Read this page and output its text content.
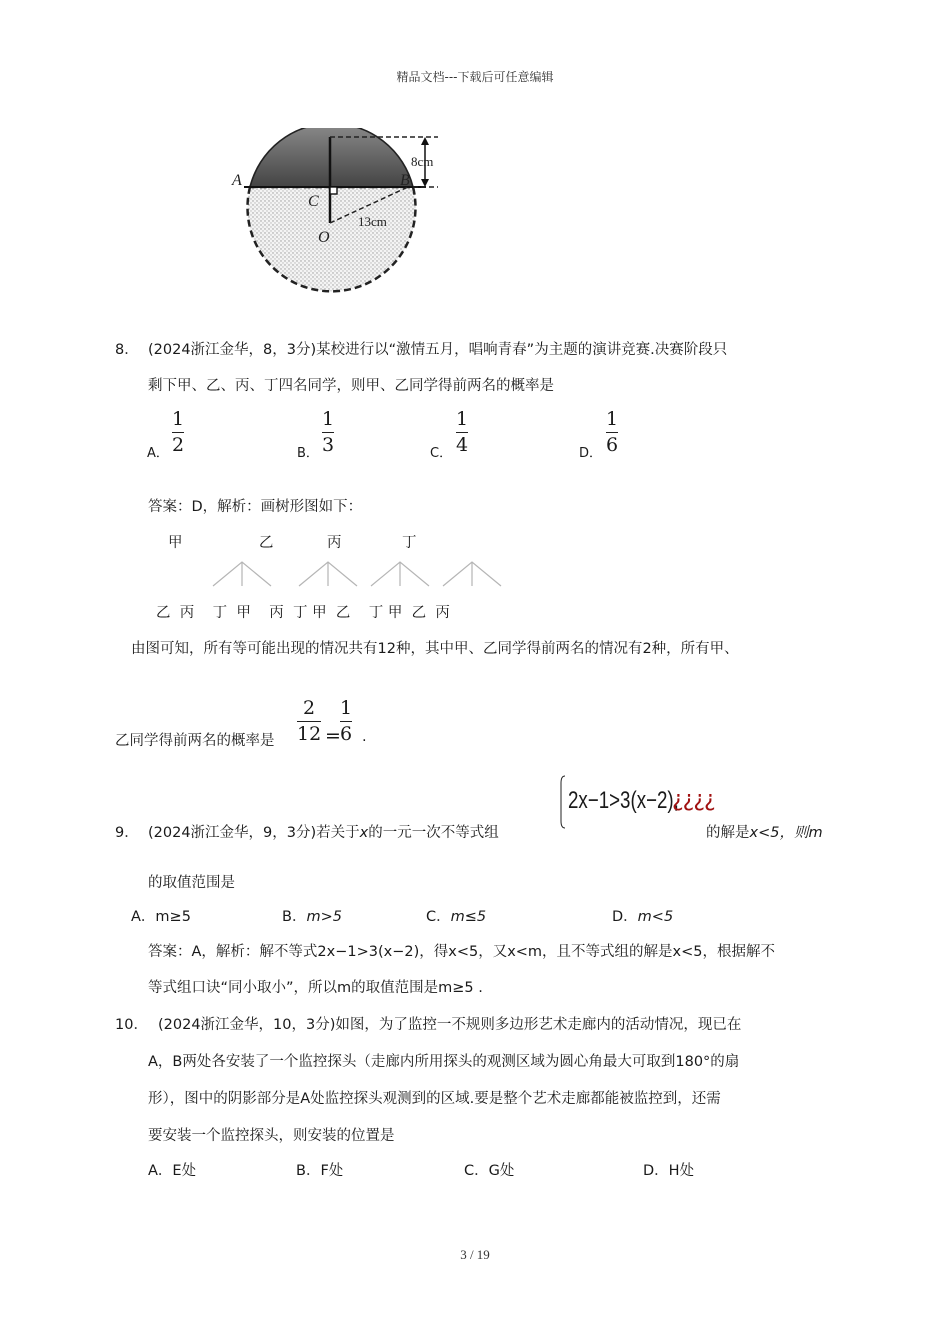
精品文档---下载后可任意编辑
A	B
C
O
8cm
13cm
8． (2024浙江金华，8，3分)某校进行以“激情五月，唱响青春”为主题的演讲竞赛.决赛阶段只
剩下甲、乙、丙、丁四名同学，则甲、乙同学得前两名的概率是
A．
1
2	B．
1
3	C．
1
4	D．
1
6
答案：D，解析：画树形图如下：
甲	乙	丙	丁
乙  丙    丁  甲    丙  丁 甲  乙    丁 甲  乙  丙
由图可知，所有等可能出现的情况共有12种，其中甲、乙同学得前两名的情况有2种，所有甲、
乙同学得前两名的概率是
2
12 =
1
6 .
9． (2024浙江金华，9，3分)若关于x的一元一次不等式组
2x−1>3(x−2),
¿¿¿¿
的解是x<5，则m
的取值范围是
A．m≥5	B．m>5	C．m≤5	D．m<5
答案：A，解析：解不等式2x−1>3(x−2)，得x<5，又x<m，且不等式组的解是x<5，根据解不
等式组口诀“同小取小”，所以m的取值范围是m≥5 .
10． (2024浙江金华，10，3分)如图，为了监控一不规则多边形艺术走廊内的活动情况，现已在
A，B两处各安装了一个监控探头（走廊内所用探头的观测区域为圆心角最大可取到180°的扇
形），图中的阴影部分是A处监控探头观测到的区域.要是整个艺术走廊都能被监控到，还需
要安装一个监控探头，则安装的位置是
A．E处	B．F处	C．G处	D．H处
3 / 19
